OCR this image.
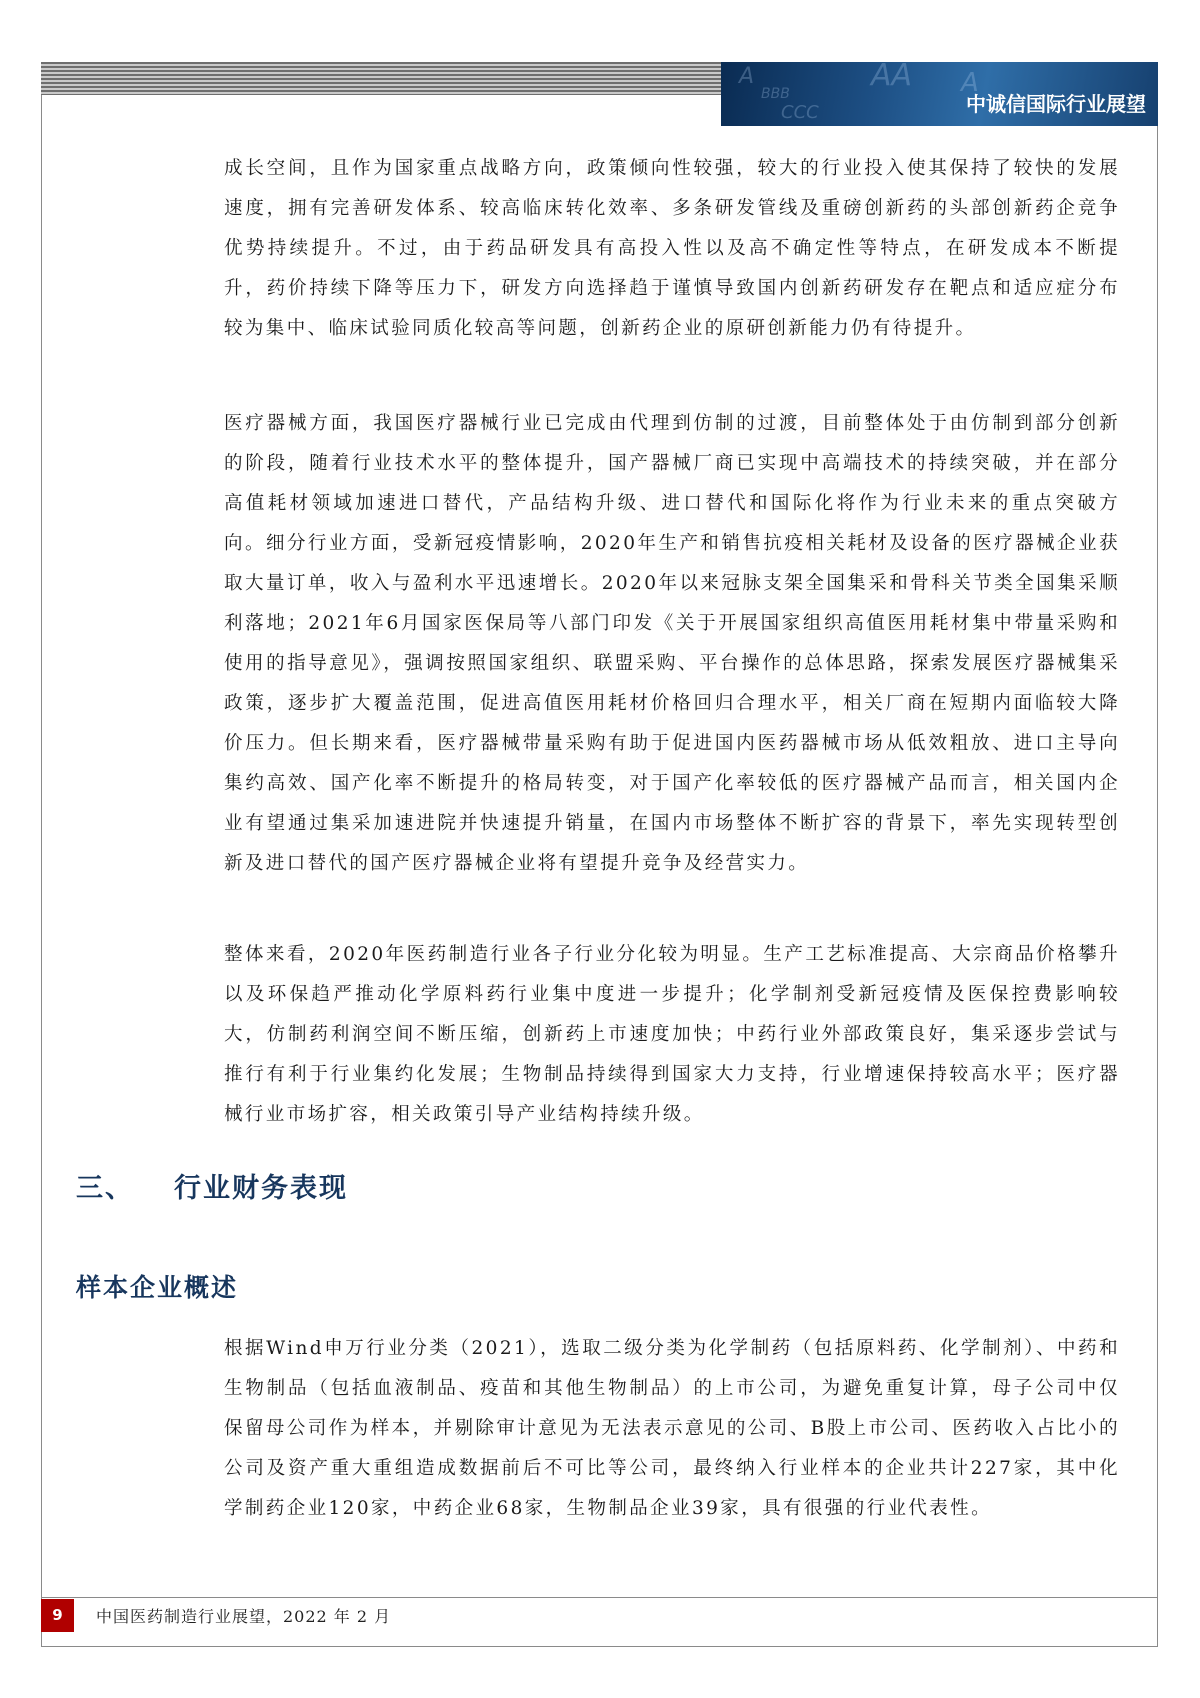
A
BBB
AA
CCC
A
中诚信国际行业展望

成长空间，且作为国家重点战略方向，政策倾向性较强，较大的行业投入使其保持了较快的发展速度，拥有完善研发体系、较高临床转化效率、多条研发管线及重磅创新药的头部创新药企竞争优势持续提升。不过，由于药品研发具有高投入性以及高不确定性等特点，在研发成本不断提升，药价持续下降等压力下，研发方向选择趋于谨慎导致国内创新药研发存在靶点和适应症分布较为集中、临床试验同质化较高等问题，创新药企业的原研创新能力仍有待提升。

医疗器械方面，我国医疗器械行业已完成由代理到仿制的过渡，目前整体处于由仿制到部分创新的阶段，随着行业技术水平的整体提升，国产器械厂商已实现中高端技术的持续突破，并在部分高值耗材领域加速进口替代，产品结构升级、进口替代和国际化将作为行业未来的重点突破方向。细分行业方面，受新冠疫情影响，2020年生产和销售抗疫相关耗材及设备的医疗器械企业获取大量订单，收入与盈利水平迅速增长。2020年以来冠脉支架全国集采和骨科关节类全国集采顺利落地；2021年6月国家医保局等八部门印发《关于开展国家组织高值医用耗材集中带量采购和使用的指导意见》，强调按照国家组织、联盟采购、平台操作的总体思路，探索发展医疗器械集采政策，逐步扩大覆盖范围，促进高值医用耗材价格回归合理水平，相关厂商在短期内面临较大降价压力。但长期来看，医疗器械带量采购有助于促进国内医药器械市场从低效粗放、进口主导向集约高效、国产化率不断提升的格局转变，对于国产化率较低的医疗器械产品而言，相关国内企业有望通过集采加速进院并快速提升销量，在国内市场整体不断扩容的背景下，率先实现转型创新及进口替代的国产医疗器械企业将有望提升竞争及经营实力。

整体来看，2020年医药制造行业各子行业分化较为明显。生产工艺标准提高、大宗商品价格攀升以及环保趋严推动化学原料药行业集中度进一步提升；化学制剂受新冠疫情及医保控费影响较大，仿制药利润空间不断压缩，创新药上市速度加快；中药行业外部政策良好，集采逐步尝试与推行有利于行业集约化发展；生物制品持续得到国家大力支持，行业增速保持较高水平；医疗器械行业市场扩容，相关政策引导产业结构持续升级。

三、 行业财务表现
样本企业概述

根据Wind申万行业分类（2021），选取二级分类为化学制药（包括原料药、化学制剂）、中药和生物制品（包括血液制品、疫苗和其他生物制品）的上市公司，为避免重复计算，母子公司中仅保留母公司作为样本，并剔除审计意见为无法表示意见的公司、B股上市公司、医药收入占比小的公司及资产重大重组造成数据前后不可比等公司，最终纳入行业样本的企业共计227家，其中化学制药企业120家，中药企业68家，生物制品企业39家，具有很强的行业代表性。

9	中国医药制造行业展望，2022 年 2 月
